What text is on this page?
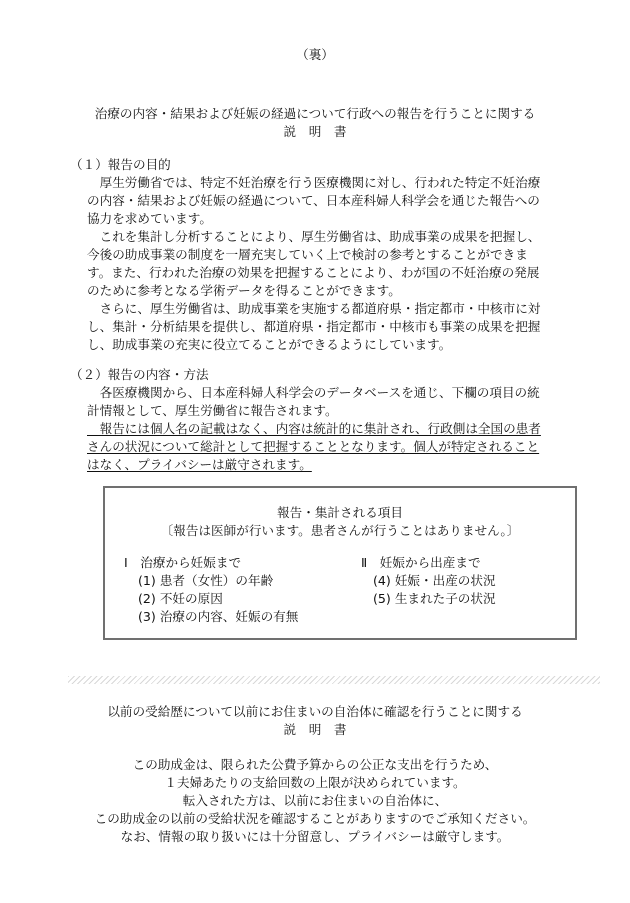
（裏）
治療の内容・結果および妊娠の経過について行政への報告を行うことに関する
説　明　書
（１）報告の目的
　厚生労働省では、特定不妊治療を行う医療機関に対し、行われた特定不妊治療
の内容・結果および妊娠の経過について、日本産科婦人科学会を通じた報告への
協力を求めています。
　これを集計し分析することにより、厚生労働省は、助成事業の成果を把握し、
今後の助成事業の制度を一層充実していく上で検討の参考とすることができま
す。また、行われた治療の効果を把握することにより、わが国の不妊治療の発展
のために参考となる学術データを得ることができます。
　さらに、厚生労働省は、助成事業を実施する都道府県・指定都市・中核市に対
し、集計・分析結果を提供し、都道府県・指定都市・中核市も事業の成果を把握
し、助成事業の充実に役立てることができるようにしています。
（２）報告の内容・方法
　各医療機関から、日本産科婦人科学会のデータベースを通じ、下欄の項目の統
計情報として、厚生労働省に報告されます。
　報告には個人名の記載はなく、内容は統計的に集計され、行政側は全国の患者
さんの状況について総計として把握することとなります。個人が特定されること
はなく、プライバシーは厳守されます。
報告・集計される項目
〔報告は医師が行います。患者さんが行うことはありません。〕
Ⅰ　治療から妊娠まで
(1) 患者（女性）の年齢
(2) 不妊の原因
(3) 治療の内容、妊娠の有無
Ⅱ　妊娠から出産まで
(4) 妊娠・出産の状況
(5) 生まれた子の状況
以前の受給歴について以前にお住まいの自治体に確認を行うことに関する
説　明　書
この助成金は、限られた公費予算からの公正な支出を行うため、
１夫婦あたりの支給回数の上限が決められています。
転入された方は、以前にお住まいの自治体に、
この助成金の以前の受給状況を確認することがありますのでご承知ください。
なお、情報の取り扱いには十分留意し、プライバシーは厳守します。
